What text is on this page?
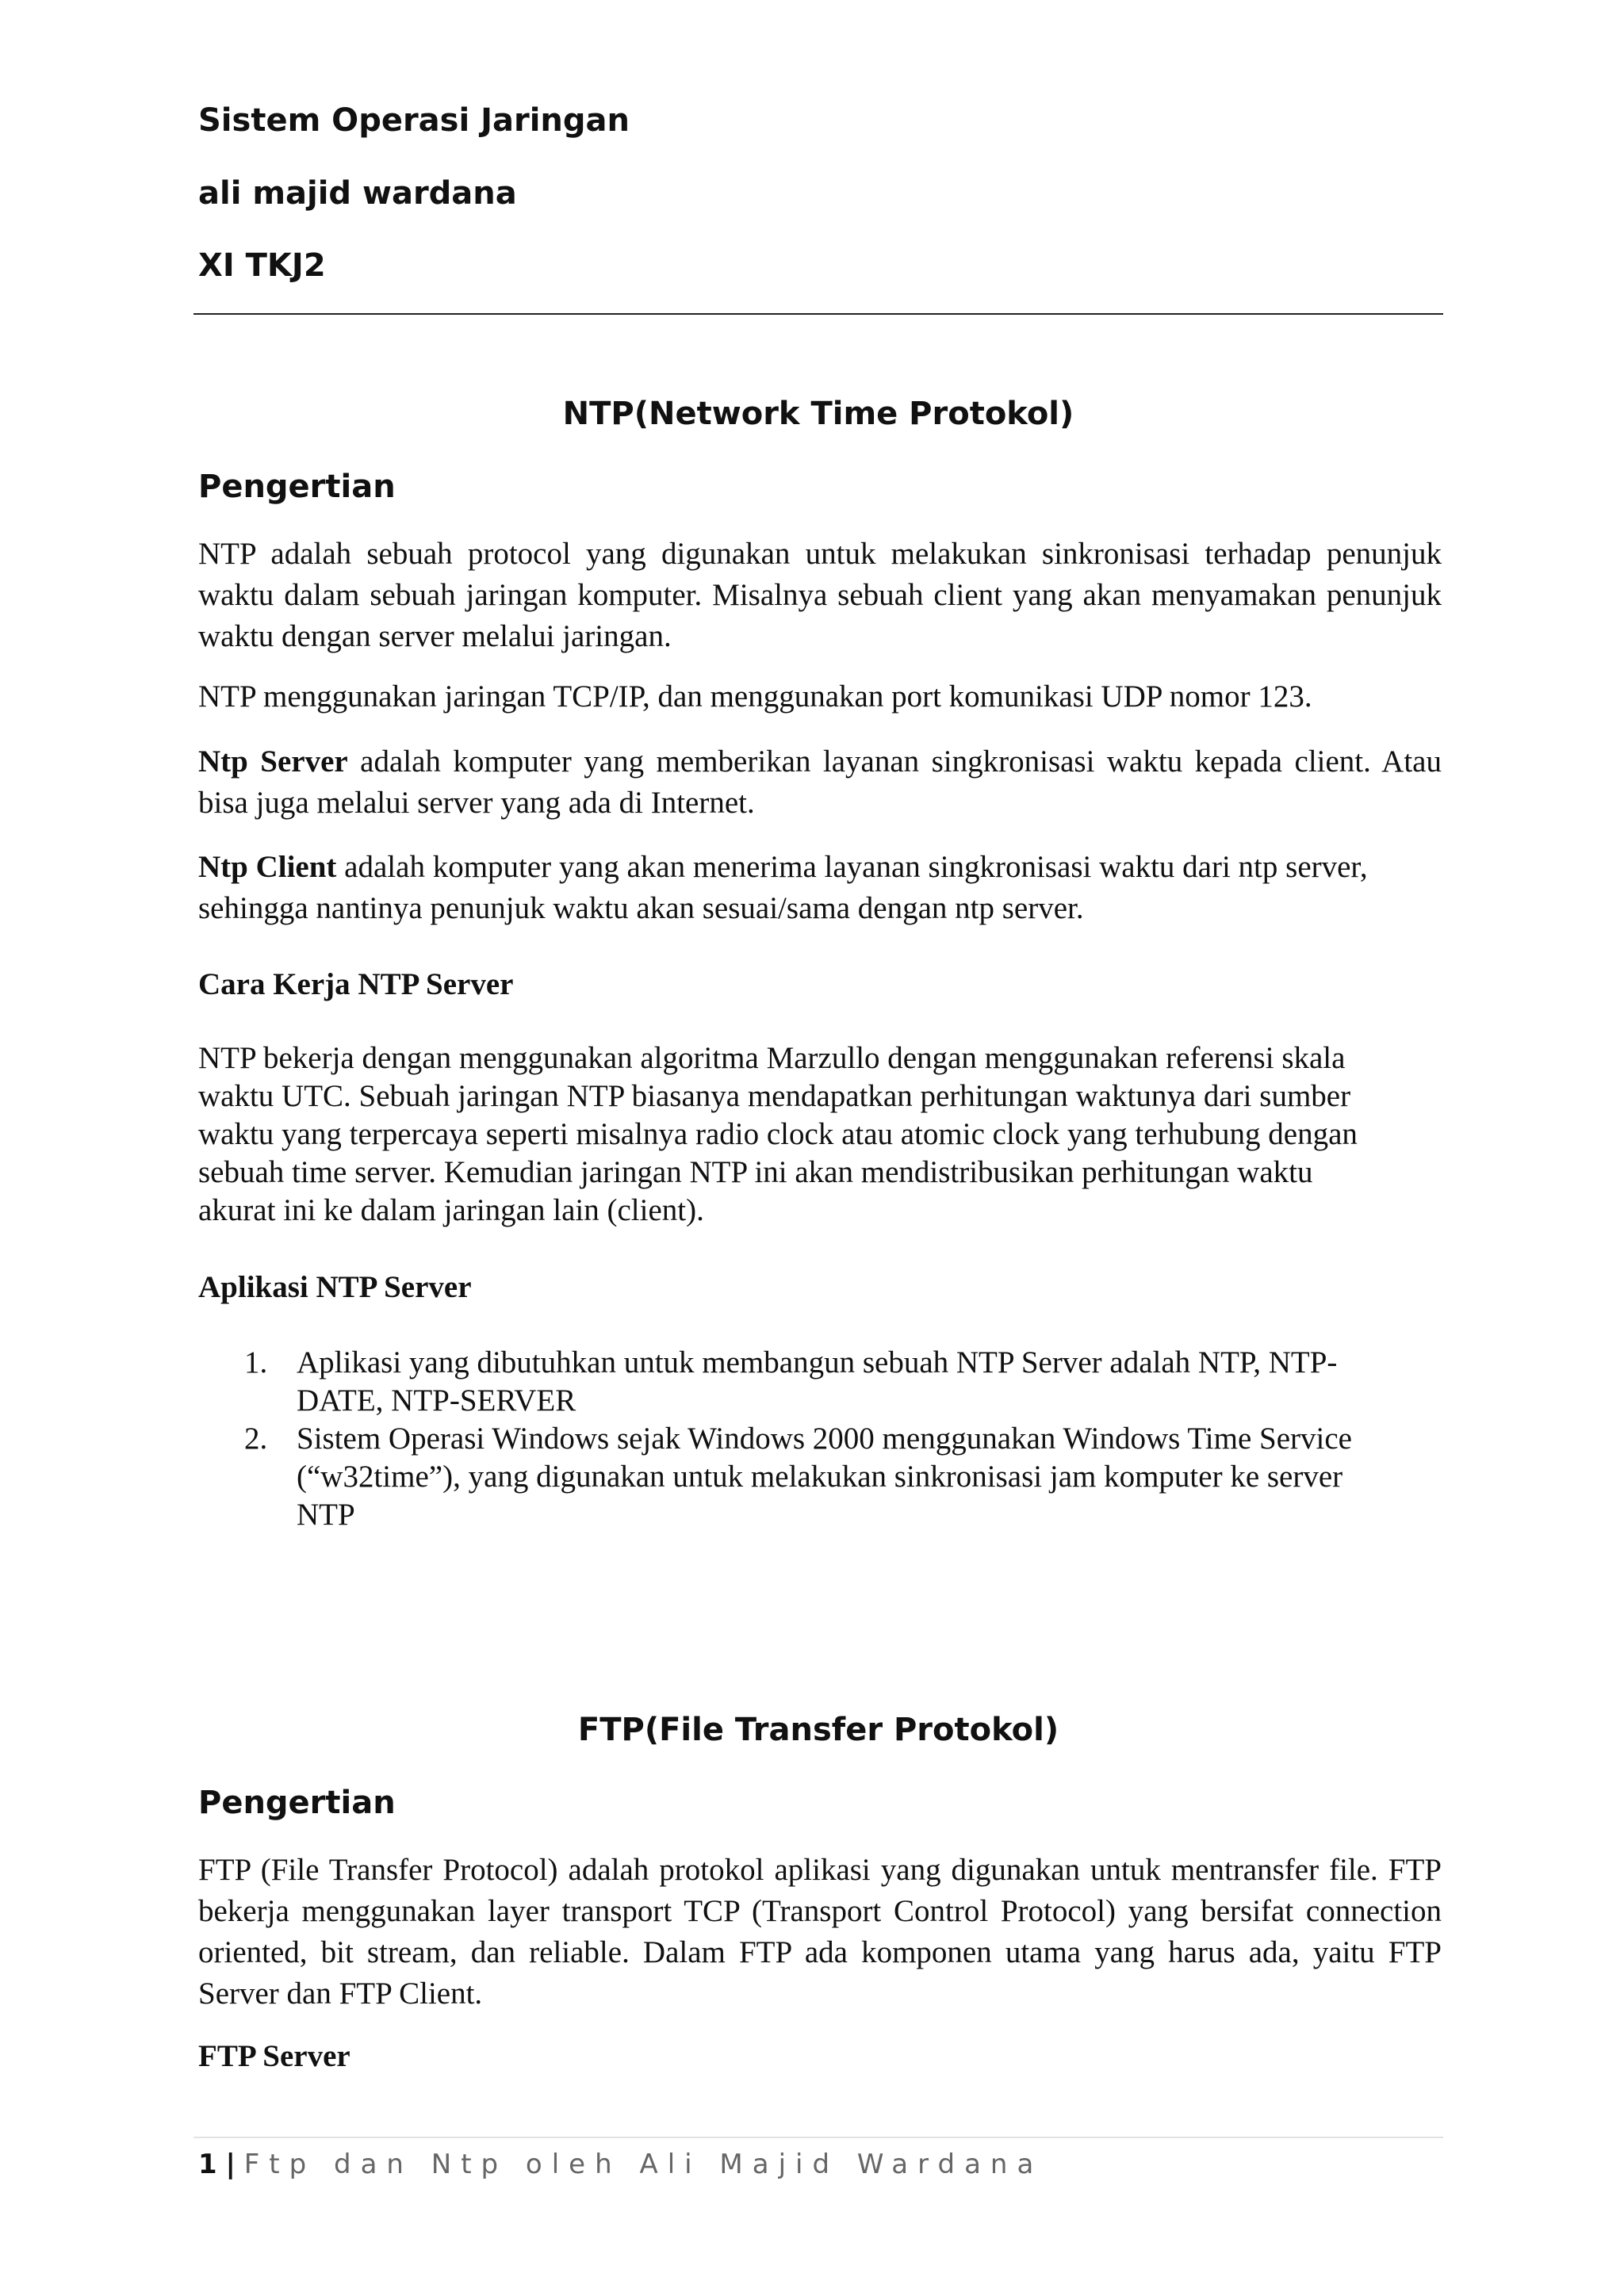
Sistem Operasi Jaringan
ali majid wardana
XI TKJ2
NTP(Network Time Protokol)
Pengertian

NTP adalah sebuah protocol yang digunakan untuk melakukan sinkronisasi terhadap penunjuk waktu dalam sebuah jaringan komputer. Misalnya sebuah client yang akan menyamakan penunjuk waktu dengan server melalui jaringan.

NTP menggunakan jaringan TCP/IP, dan menggunakan port komunikasi UDP nomor 123.

Ntp Server adalah komputer yang memberikan layanan singkronisasi waktu kepada client. Atau bisa juga melalui server yang ada di Internet.

Ntp Client adalah komputer yang akan menerima layanan singkronisasi waktu dari ntp server, sehingga nantinya penunjuk waktu akan sesuai/sama dengan ntp server.

Cara Kerja NTP Server
NTP bekerja dengan menggunakan algoritma Marzullo dengan menggunakan referensi skala
waktu UTC. Sebuah jaringan NTP biasanya mendapatkan perhitungan waktunya dari sumber
waktu yang terpercaya seperti misalnya radio clock atau atomic clock yang terhubung dengan
sebuah time server. Kemudian jaringan NTP ini akan mendistribusikan perhitungan waktu
akurat ini ke dalam jaringan lain (client).
Aplikasi NTP Server
1. Aplikasi yang dibutuhkan untuk membangun sebuah NTP Server adalah NTP, NTP-
DATE, NTP-SERVER
2. Sistem Operasi Windows sejak Windows 2000 menggunakan Windows Time Service
(“w32time”), yang digunakan untuk melakukan sinkronisasi jam komputer ke server
NTP
FTP(File Transfer Protokol)
Pengertian

FTP (File Transfer Protocol) adalah protokol aplikasi yang digunakan untuk mentransfer file. FTP bekerja menggunakan layer transport TCP (Transport Control Protocol) yang bersifat connection oriented, bit stream, dan reliable. Dalam FTP ada komponen utama yang harus ada, yaitu FTP Server dan FTP Client.

FTP Server
1 | Ftp dan Ntp oleh Ali Majid Wardana
